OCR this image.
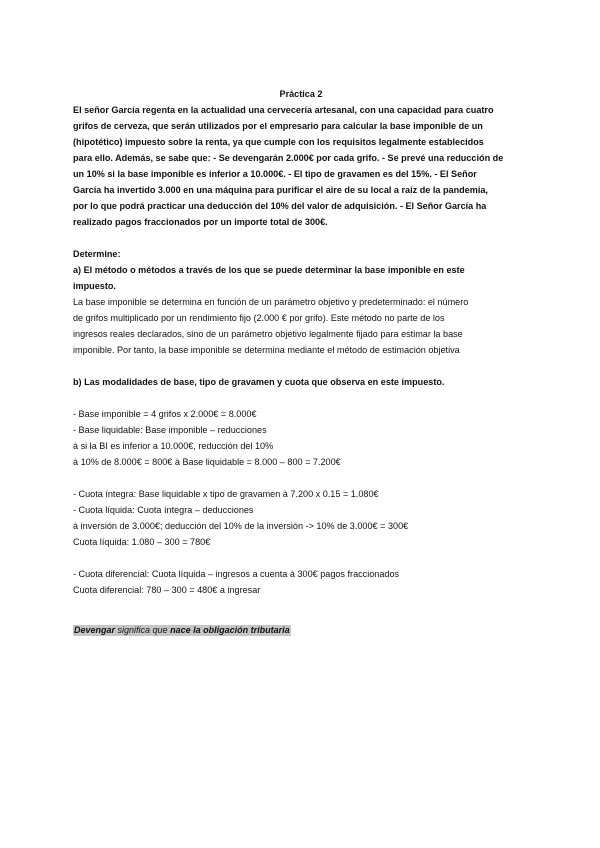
Práctica 2

El señor García regenta en la actualidad una cervecería artesanal, con una capacidad para cuatro
grifos de cerveza, que serán utilizados por el empresario para calcular la base imponible de un
(hipotético) impuesto sobre la renta, ya que cumple con los requisitos legalmente establecidos
para ello. Además, se sabe que: - Se devengarán 2.000€ por cada grifo. - Se prevé una reducción de
un 10% si la base imponible es inferior a 10.000€. - El tipo de gravamen es del 15%. - El Señor
García ha invertido 3.000 en una máquina para purificar el aire de su local a raíz de la pandemia,
por lo que podrá practicar una deducción del 10% del valor de adquisición. - El Señor García ha
realizado pagos fraccionados por un importe total de 300€.
Determine:
a) El método o métodos a través de los que se puede determinar la base imponible en este
impuesto.
La base imponible se determina en función de un parámetro objetivo y predeterminado: el número
de grifos multiplicado por un rendimiento fijo (2.000 € por grifo). Este método no parte de los
ingresos reales declarados, sino de un parámetro objetivo legalmente fijado para estimar la base
imponible. Por tanto, la base imponible se determina mediante el método de estimación objetiva
b) Las modalidades de base, tipo de gravamen y cuota que observa en este impuesto.
- Base imponible = 4 grifos x 2.000€ = 8.000€
- Base liquidable: Base imponible – reducciones
à si la BI es inferior a 10.000€, reducción del 10%
à 10% de 8.000€ = 800€ à Base liquidable = 8.000 – 800 = 7.200€
- Cuota íntegra: Base liquidable x tipo de gravamen à 7.200 x 0.15 = 1.080€
- Cuota líquida: Cuota íntegra – deducciones
à inversión de 3.000€; deducción del 10% de la inversión -> 10% de 3.000€ = 300€
Cuota líquida: 1.080 – 300 = 780€
- Cuota diferencial: Cuota líquida – ingresos a cuenta à 300€ pagos fraccionados
Cuota diferencial: 780 – 300 = 480€ a ingresar
Devengar significa que nace la obligación tributaria
